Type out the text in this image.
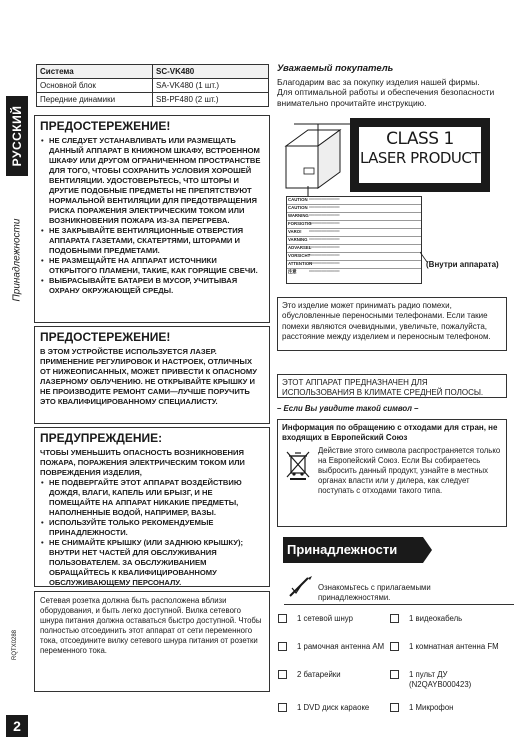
РУССКИЙ
Принадлежности
RQTX0288
2
Система	SC-VK480
Основной блок	SA-VK480 (1 шт.)
Передние динамики	SB-PF480 (2 шт.)
Уважаемый покупатель
Благодарим вас за покупку изделия нашей фирмы.
Для оптимальной работы и обеспечения безопасности
внимательно прочитайте инструкцию.
ПРЕДОСТЕРЕЖЕНИЕ!
• НЕ СЛЕДУЕТ УСТАНАВЛИВАТЬ ИЛИ РАЗМЕЩАТЬ ДАННЫЙ АППАРАТ В КНИЖНОМ ШКАФУ, ВСТРОЕННОМ ШКАФУ ИЛИ ДРУГОМ ОГРАНИЧЕННОМ ПРОСТРАНСТВЕ ДЛЯ ТОГО, ЧТОБЫ СОХРАНИТЬ УСЛОВИЯ ХОРОШЕЙ ВЕНТИЛЯЦИИ. УДОСТОВЕРЬТЕСЬ, ЧТО ШТОРЫ И ДРУГИЕ ПОДОБНЫЕ ПРЕДМЕТЫ НЕ ПРЕПЯТСТВУЮТ НОРМАЛЬНОЙ ВЕНТИЛЯЦИИ ДЛЯ ПРЕДОТВРАЩЕНИЯ РИСКА ПОРАЖЕНИЯ ЭЛЕКТРИЧЕСКИМ ТОКОМ ИЛИ ВОЗНИКНОВЕНИЯ ПОЖАРА ИЗ-ЗА ПЕРЕГРЕВА.
• НЕ ЗАКРЫВАЙТЕ ВЕНТИЛЯЦИОННЫЕ ОТВЕРСТИЯ АППАРАТА ГАЗЕТАМИ, СКАТЕРТЯМИ, ШТОРАМИ И ПОДОБНЫМИ ПРЕДМЕТАМИ.
• НЕ РАЗМЕЩАЙТЕ НА АППАРАТ ИСТОЧНИКИ ОТКРЫТОГО ПЛАМЕНИ, ТАКИЕ, КАК ГОРЯЩИЕ СВЕЧИ.
• ВЫБРАСЫВАЙТЕ БАТАРЕИ В МУСОР, УЧИТЫВАЯ ОХРАНУ ОКРУЖАЮЩЕЙ СРЕДЫ.
ПРЕДОСТЕРЕЖЕНИЕ!
В ЭТОМ УСТРОЙСТВЕ ИСПОЛЬЗУЕТСЯ ЛАЗЕР. ПРИМЕНЕНИЕ РЕГУЛИРОВОК И НАСТРОЕК, ОТЛИЧНЫХ ОТ НИЖЕОПИСАННЫХ, МОЖЕТ ПРИВЕСТИ К ОПАСНОМУ ЛАЗЕРНОМУ ОБЛУЧЕНИЮ. НЕ ОТКРЫВАЙТЕ КРЫШКУ И НЕ ПРОИЗВОДИТЕ РЕМОНТ САМИ—ЛУЧШЕ ПОРУЧИТЬ ЭТО КВАЛИФИЦИРОВАННОМУ СПЕЦИАЛИСТУ.
ПРЕДУПРЕЖДЕНИЕ:
ЧТОБЫ УМЕНЬШИТЬ ОПАСНОСТЬ ВОЗНИКНОВЕНИЯ ПОЖАРА, ПОРАЖЕНИЯ ЭЛЕКТРИЧЕСКИМ ТОКОМ ИЛИ ПОВРЕЖДЕНИЯ ИЗДЕЛИЯ,
• НЕ ПОДВЕРГАЙТЕ ЭТОТ АППАРАТ ВОЗДЕЙСТВИЮ ДОЖДЯ, ВЛАГИ, КАПЕЛЬ ИЛИ БРЫЗГ, И НЕ ПОМЕЩАЙТЕ НА АППАРАТ НИКАКИЕ ПРЕДМЕТЫ, НАПОЛНЕННЫЕ ВОДОЙ, НАПРИМЕР, ВАЗЫ.
• ИСПОЛЬЗУЙТЕ ТОЛЬКО РЕКОМЕНДУЕМЫЕ ПРИНАДЛЕЖНОСТИ.
• НЕ СНИМАЙТЕ КРЫШКУ (ИЛИ ЗАДНЮЮ КРЫШКУ); ВНУТРИ НЕТ ЧАСТЕЙ ДЛЯ ОБСЛУЖИВАНИЯ ПОЛЬЗОВАТЕЛЕМ. ЗА ОБСЛУЖИВАНИЕМ ОБРАЩАЙТЕСЬ К КВАЛИФИЦИРОВАННОМУ ОБСЛУЖИВАЮЩЕМУ ПЕРСОНАЛУ.
Сетевая розетка должна быть расположена вблизи оборудования, и быть легко доступной. Вилка сетевого шнура питания должна оставаться быстро доступной. Чтобы полностью отсоединить этот аппарат от сети переменного тока, отсоедините вилку сетевого шнура питания от розетки переменного тока.
CLASS 1
LASER PRODUCT
CAUTION ════════════
CAUTION ════════════
WARNING ════════════
FORSIGTIG
════════════
VARO!	════════════
VARNING ════════════
ADVARSEL
════════════
VORSICHT
════════════
ATTENTION
════════════
注意	════════════
(Внутри аппарата)
Это изделие может принимать радио помехи, обусловленные переносными телефонами. Если такие помехи являются очевидными, увеличьте, пожалуйста, расстояние между изделием и переносным телефоном.
ЭТОТ АППАРАТ ПРЕДНАЗНАЧЕН ДЛЯ ИСПОЛЬЗОВАНИЯ В КЛИМАТЕ СРЕДНЕЙ ПОЛОСЫ.
– Если Вы увидите такой символ –
Информация по обращению с отходами для стран, не входящих в Европейский Союз
Действие этого символа распространяется только на Европейский Союз. Если Вы собираетесь выбросить данный продукт, узнайте в местных органах власти или у дилера, как следует поступать с отходами такого типа.
Принадлежности
Ознакомьтесь с прилагаемыми принадлежностями.
1 сетевой шнур	1 видеокабель
1 рамочная антенна АМ	1 комнатная антенна FM
2 батарейки	1 пульт ДУ (N2QAYB000423)
1 DVD диск караоке	1 Микрофон
